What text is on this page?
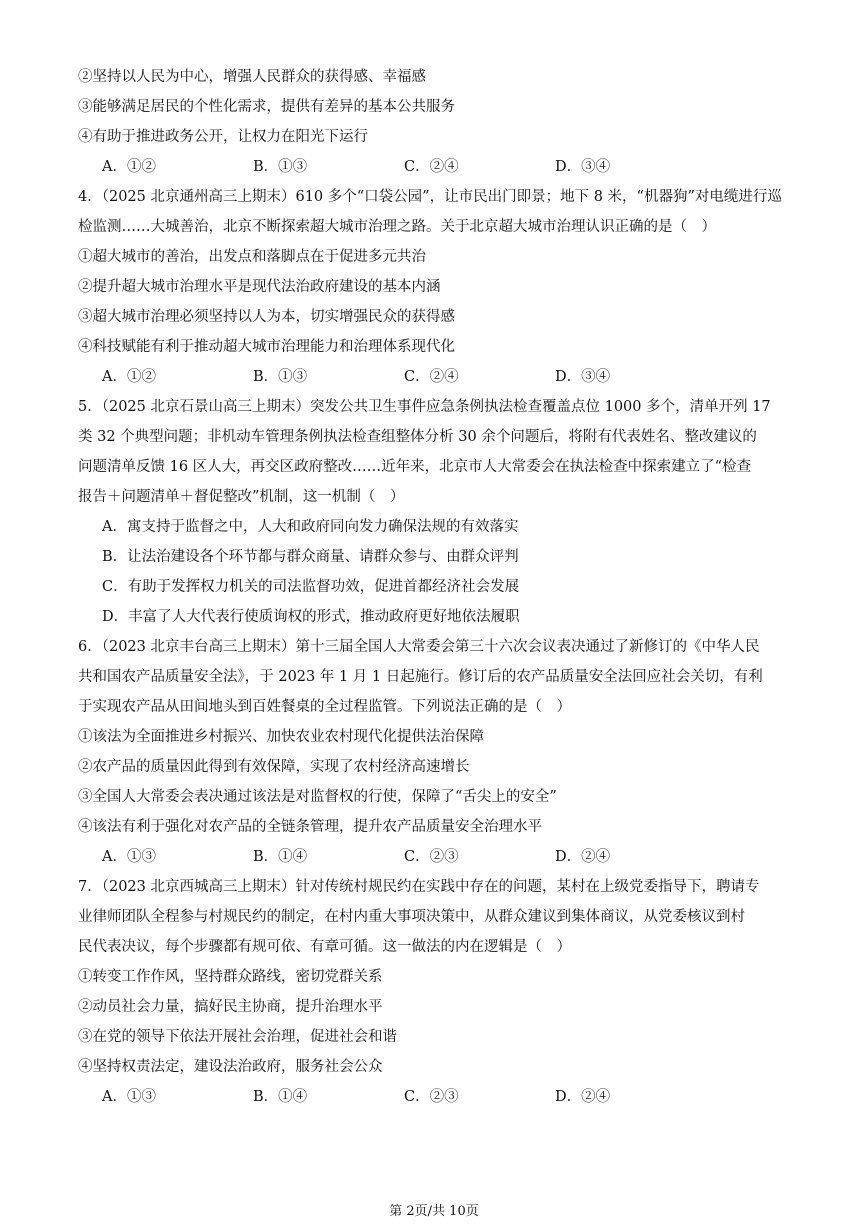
②坚持以人民为中心，增强人民群众的获得感、幸福感
③能够满足居民的个性化需求，提供有差异的基本公共服务
④有助于推进政务公开，让权力在阳光下运行
A．①②	B．①③	C．②④	D．③④
4．（2025 北京通州高三上期末）610 多个“口袋公园”，让市民出门即景；地下 8 米，“机器狗”对电缆进行巡
检监测……大城善治，北京不断探索超大城市治理之路。关于北京超大城市治理认识正确的是（　）
①超大城市的善治，出发点和落脚点在于促进多元共治
②提升超大城市治理水平是现代法治政府建设的基本内涵
③超大城市治理必须坚持以人为本，切实增强民众的获得感
④科技赋能有利于推动超大城市治理能力和治理体系现代化
A．①②	B．①③	C．②④	D．③④
5．（2025 北京石景山高三上期末）突发公共卫生事件应急条例执法检查覆盖点位 1000 多个，清单开列 17
类 32 个典型问题；非机动车管理条例执法检查组整体分析 30 余个问题后，将附有代表姓名、整改建议的
问题清单反馈 16 区人大，再交区政府整改……近年来，北京市人大常委会在执法检查中探索建立了“检查
报告＋问题清单＋督促整改”机制，这一机制（　）
A．寓支持于监督之中，人大和政府同向发力确保法规的有效落实
B．让法治建设各个环节都与群众商量、请群众参与、由群众评判
C．有助于发挥权力机关的司法监督功效，促进首都经济社会发展
D．丰富了人大代表行使质询权的形式，推动政府更好地依法履职
6．（2023 北京丰台高三上期末）第十三届全国人大常委会第三十六次会议表决通过了新修订的《中华人民
共和国农产品质量安全法》，于 2023 年 1 月 1 日起施行。修订后的农产品质量安全法回应社会关切，有利
于实现农产品从田间地头到百姓餐桌的全过程监管。下列说法正确的是（　）
①该法为全面推进乡村振兴、加快农业农村现代化提供法治保障
②农产品的质量因此得到有效保障，实现了农村经济高速增长
③全国人大常委会表决通过该法是对监督权的行使，保障了“舌尖上的安全”
④该法有利于强化对农产品的全链条管理，提升农产品质量安全治理水平
A．①③	B．①④	C．②③	D．②④
7．（2023 北京西城高三上期末）针对传统村规民约在实践中存在的问题，某村在上级党委指导下，聘请专
业律师团队全程参与村规民约的制定，在村内重大事项决策中，从群众建议到集体商议，从党委核议到村
民代表决议，每个步骤都有规可依、有章可循。这一做法的内在逻辑是（　）
①转变工作作风，坚持群众路线，密切党群关系
②动员社会力量，搞好民主协商，提升治理水平
③在党的领导下依法开展社会治理，促进社会和谐
④坚持权责法定，建设法治政府，服务社会公众
A．①③	B．①④	C．②③	D．②④
第 2页/共 10页
